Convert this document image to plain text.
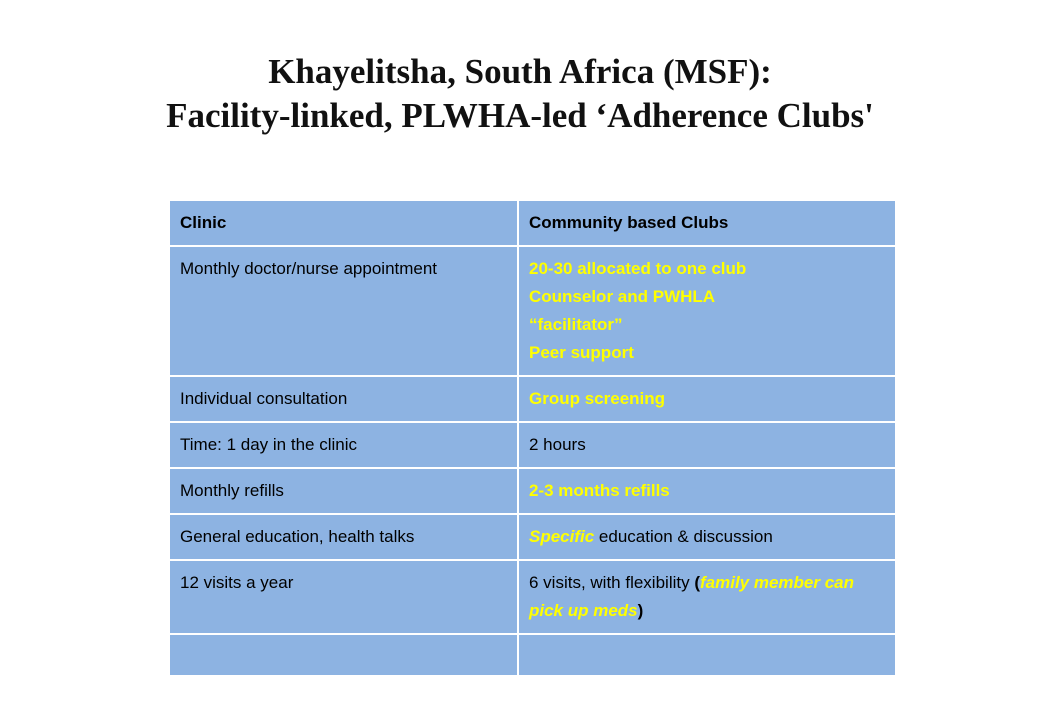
Khayelitsha, South Africa (MSF):
Facility-linked, PLWHA-led ‘Adherence Clubs'
Clinic	Community based Clubs
Monthly doctor/nurse appointment	20-30 allocated to one club
Counselor and PWHLA
“facilitator”
Peer support

Individual consultation	Group screening
Time: 1 day in the clinic	2 hours
Monthly refills	2-3 months refills
General education, health talks	Specific education & discussion
12 visits a year	6 visits, with flexibility (family member can pick up meds)
